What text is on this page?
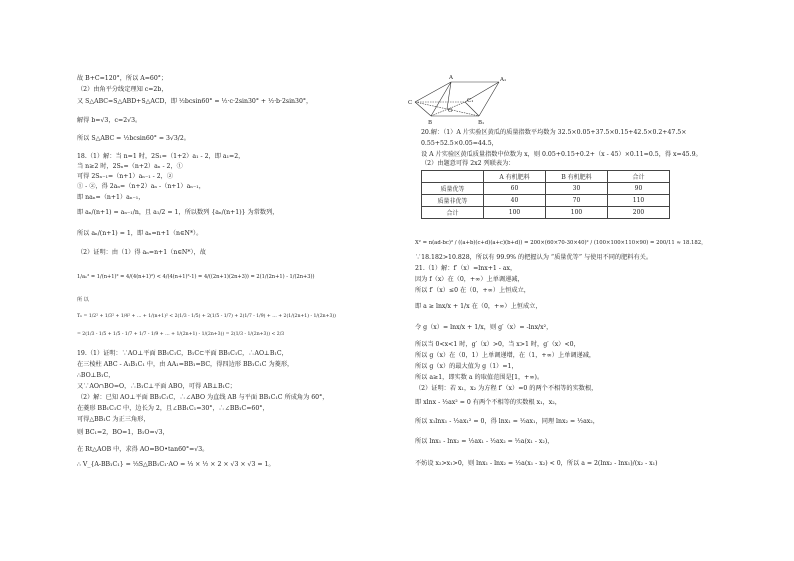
故 B+C=120°，所以 A=60°；
（2）由角平分线定理知 c=2b，
又 S△ABC=S△ABD+S△ACD，即 ½bcsin60° = ½·c·2sin30° + ½·b·2sin30°，
解得 b=√3，c=2√3。
所以 S△ABC = ½bcsin60° = 3√3/2。
18.（1）解：当 n=1 时，2S₁=（1+2）a₁ - 2，即 a₁=2，
当 n≥2 时，2Sₙ=（n+2）aₙ - 2，①
可得 2Sₙ₋₁=（n+1）aₙ₋₁ - 2，②
① - ②，得 2aₙ=（n+2）aₙ -（n+1）aₙ₋₁，
即 naₙ=（n+1）aₙ₋₁，
即 aₙ/(n+1) = aₙ₋₁/n，且 a₁/2 = 1，所以数列 {aₙ/(n+1)} 为常数列，
所以 aₙ/(n+1) = 1，即 aₙ=n+1（n∈N*）。
（2）证明：由（1）得 aₙ=n+1（n∈N*），故
1/aₙ² = 1/(n+1)² = 4/(4(n+1)²) < 4/(4(n+1)²-1) = 4/((2n+1)(2n+3)) = 2(1/(2n+1) - 1/(2n+3))
所 以
Tₙ = 1/2² + 1/3² + 1/4² + … + 1/(n+1)² < 2(1/3 - 1/5) + 2(1/5 - 1/7) + 2(1/7 - 1/9) + … + 2(1/(2n+1) - 1/(2n+3))
= 2(1/3 - 1/5 + 1/5 - 1/7 + 1/7 - 1/9 + … + 1/(2n+1) - 1/(2n+3)) = 2(1/3 - 1/(2n+3)) < 2/3
19.（1）证明：∵AO⊥平面 BB₁C₁C，B₁C⊂平面 BB₁C₁C，∴AO⊥B₁C，
在三棱柱 ABC - A₁B₁C₁ 中，由 AA₁=BB₁=BC，得四边形 BB₁C₁C 为菱形，
∴BO⊥B₁C，
又∵AO∩BO=O，∴B₁C⊥平面 ABO，可得 AB⊥B₁C；
（2）解：已知 AO⊥平面 BB₁C₁C，∴∠ABO 为直线 AB 与平面 BB₁C₁C 所成角为 60°，
在菱形 BB₁C₁C 中，边长为 2，且∠BB₁C₁=30°，∴∠BB₁C=60°，
可得△BB₁C 为正三角形，
则 BC₁=2，BO=1，B₁O=√3，
在 Rt△AOB 中，求得 AO=BO•tan60°=√3。
∴ V_{A-BB₁C₁} = ⅓S△BB₁C₁·AO = ⅓ × ½ × 2 × √3 × √3 = 1。
A	A₁
C	C₁
O
B	B₁
20.解：（1）A 片实验区黄瓜的质量指数平均数为 32.5×0.05+37.5×0.15+42.5×0.2+47.5×
0.55+52.5×0.05=44.5，
设 A 片实验区黄瓜质量指数中位数为 x，则 0.05+0.15+0.2+（x - 45）×0.11=0.5，得 x=45.9。
（2）由题意可得 2x2 列联表为：
	A 有机肥料	B 有机肥料	合计
质量优等	60	30	90
质量非优等	40	70	110
合计	100	100	200
Χ² = n(ad-bc)² / ((a+b)(c+d)(a+c)(b+d)) = 200×(60×70-30×40)² / (100×100×110×90) = 200/11 ≈ 18.182，
∵18.182>10.828，所以有 99.9% 的把握认为 “质量优等” 与使用不同的肥料有关。
21.（1）解：f′（x）=lnx+1 - ax，
因为 f（x）在（0，+∞）上单调递减，
所以 f′（x）≤0 在（0，+∞）上恒成立，
即 a ≥ lnx/x + 1/x 在（0，+∞）上恒成立，
令 g（x）= lnx/x + 1/x，则 g′（x）= -lnx/x²，
所以当 0<x<1 时，g′（x）>0，当 x>1 时，g′（x）<0，
所以 g（x）在（0，1）上单调递增，在（1，+∞）上单调递减，
所以 g（x）的最大值为 g（1）=1，
所以 a≥1，即实数 a 的取值范围是[1，+∞)。
（2）证明：若 x₁，x₂ 为方程 f′（x）=0 的两个不相等的实数根，
即 xlnx - ½ax² = 0 有两个不相等的实数根 x₁，x₂，
所以 x₁lnx₁ - ½ax₁² = 0，得 lnx₁ = ½ax₁，同理 lnx₂ = ½ax₂，
所以 lnx₁ - lnx₂ = ½ax₁ - ½ax₂ = ½a(x₁ - x₂)，
不妨设 x₂>x₁>0，则 lnx₁ - lnx₂ = ½a(x₁ - x₂) < 0，所以 a = 2(lnx₂ - lnx₁)/(x₂ - x₁)
